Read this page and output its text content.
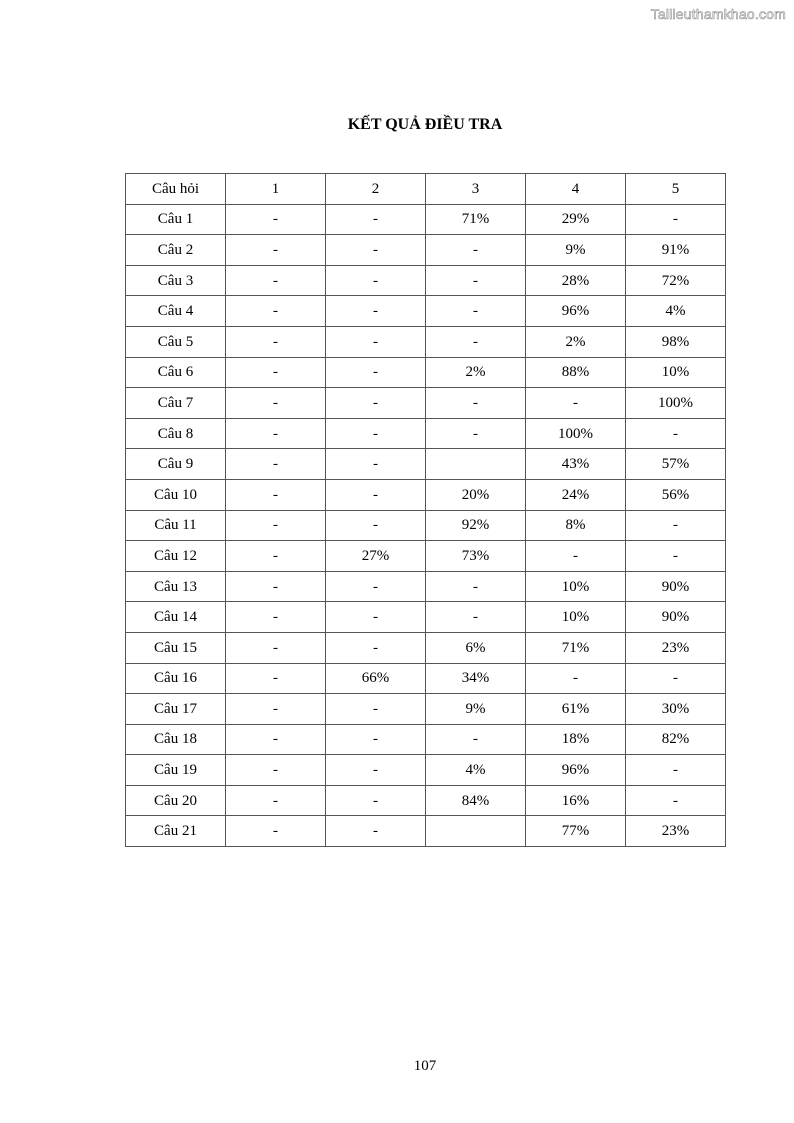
Tailieuthamkhao.com
KẾT QUẢ ĐIỀU TRA
Câu hỏi	1	2	3	4	5
Câu 1	-	-	71%	29%	-
Câu 2	-	-	-	9%	91%
Câu 3	-	-	-	28%	72%
Câu 4	-	-	-	96%	4%
Câu 5	-	-	-	2%	98%
Câu 6	-	-	2%	88%	10%
Câu 7	-	-	-	-	100%
Câu 8	-	-	-	100%	-
Câu 9	-	-		43%	57%
Câu 10	-	-	20%	24%	56%
Câu 11	-	-	92%	8%	-
Câu 12	-	27%	73%	-	-
Câu 13	-	-	-	10%	90%
Câu 14	-	-	-	10%	90%
Câu 15	-	-	6%	71%	23%
Câu 16	-	66%	34%	-	-
Câu 17	-	-	9%	61%	30%
Câu 18	-	-	-	18%	82%
Câu 19	-	-	4%	96%	-
Câu 20	-	-	84%	16%	-
Câu 21	-	-		77%	23%
107
